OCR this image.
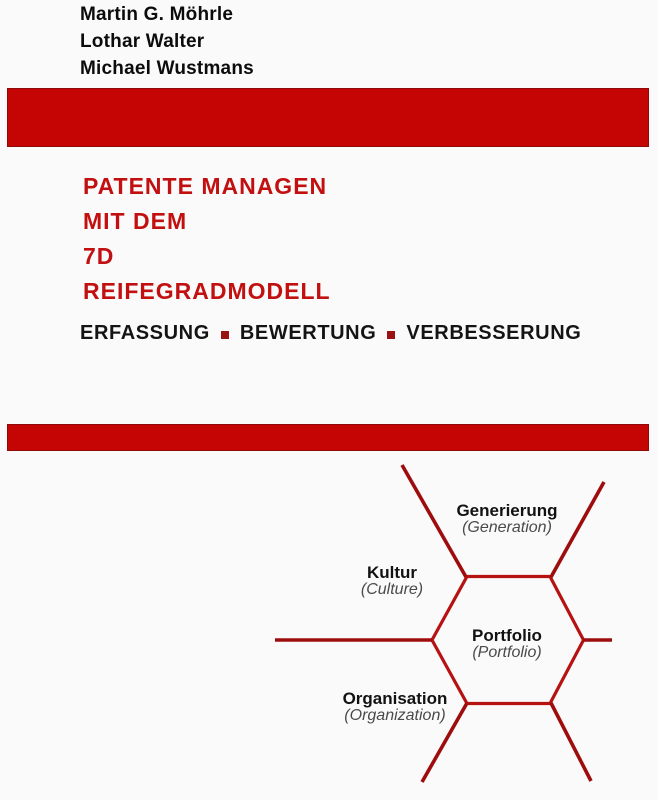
Martin G. Möhrle
Lothar Walter
Michael Wustmans
PATENTE MANAGEN
MIT DEM
7D
REIFEGRADMODELL
ERFASSUNG BEWERTUNG VERBESSERUNG
Generierung
(Generation)
Kultur
(Culture)
Portfolio
(Portfolio)
Organisation
(Organization)
